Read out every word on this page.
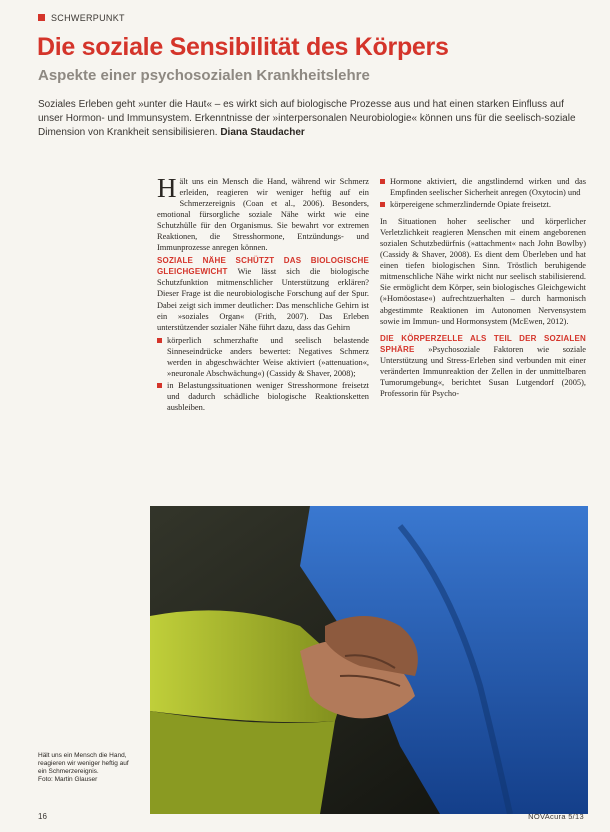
SCHWERPUNKT
Die soziale Sensibilität des Körpers
Aspekte einer psychosozialen Krankheitslehre

Soziales Erleben geht »unter die Haut« – es wirkt sich auf biologische Prozesse aus und hat einen starken Einfluss auf unser Hormon- und Immunsystem. Erkenntnisse der »interpersonalen Neurobiologie« können uns für die seelisch-soziale Dimension von Krankheit sensibilisieren. Diana Staudacher

Hält uns ein Mensch die Hand, während wir Schmerz erleiden, reagieren wir weniger heftig auf ein Schmerzereignis (Coan et al., 2006). Besonders, emotional fürsorgliche soziale Nähe wirkt wie eine Schutzhülle für den Organismus. Sie bewahrt vor extremen Reaktionen, die Stresshormone, Entzündungs- und Immunprozesse anregen können.

SOZIALE NÄHE SCHÜTZT DAS BIOLOGISCHE GLEICHGEWICHT Wie lässt sich die biologische Schutzfunktion mitmenschlicher Unterstützung erklären? Dieser Frage ist die neurobiologische Forschung auf der Spur. Dabei zeigt sich immer deutlicher: Das menschliche Gehirn ist ein »soziales Organ« (Frith, 2007). Das Erleben unterstützender sozialer Nähe führt dazu, dass das Gehirn

körperlich schmerzhafte und seelisch belastende Sinneseindrücke anders bewertet: Negatives Schmerz werden in abgeschwächter Weise aktiviert (»attenuation«, »neuronale Abschwächung«) (Cassidy & Shaver, 2008);
in Belastungssituationen weniger Stresshormone freisetzt und dadurch schädliche biologische Reaktionsketten ausbleiben.
Hormone aktiviert, die angstlindernd wirken und das Empfinden seelischer Sicherheit anregen (Oxytocin) und
körpereigene schmerzlindernde Opiate freisetzt.

In Situationen hoher seelischer und körperlicher Verletzlichkeit reagieren Menschen mit einem angeborenen sozialen Schutzbedürfnis (»attachment« nach John Bowlby) (Cassidy & Shaver, 2008). Es dient dem Überleben und hat einen tiefen biologischen Sinn. Tröstlich beruhigende mitmenschliche Nähe wirkt nicht nur seelisch stabilisierend. Sie ermöglicht dem Körper, sein biologisches Gleichgewicht (»Homöostase«) aufrechtzuerhalten – durch harmonisch abgestimmte Reaktionen im Autonomen Nervensystem sowie im Immun- und Hormonsystem (McEwen, 2012).

DIE KÖRPERZELLE ALS TEIL DER SOZIALEN SPHÄRE »Psychosoziale Faktoren wie soziale Unterstützung und Stress-Erleben sind verbunden mit einer veränderten Immunreaktion der Zellen in der unmittelbaren Tumorumgebung«, berichtet Susan Lutgendorf (2005), Professorin für Psycho-

Hält uns ein Mensch die Hand, reagieren wir weniger heftig auf ein Schmerzereignis.
Foto: Martin Glauser

16	NOVAcura 5/13
